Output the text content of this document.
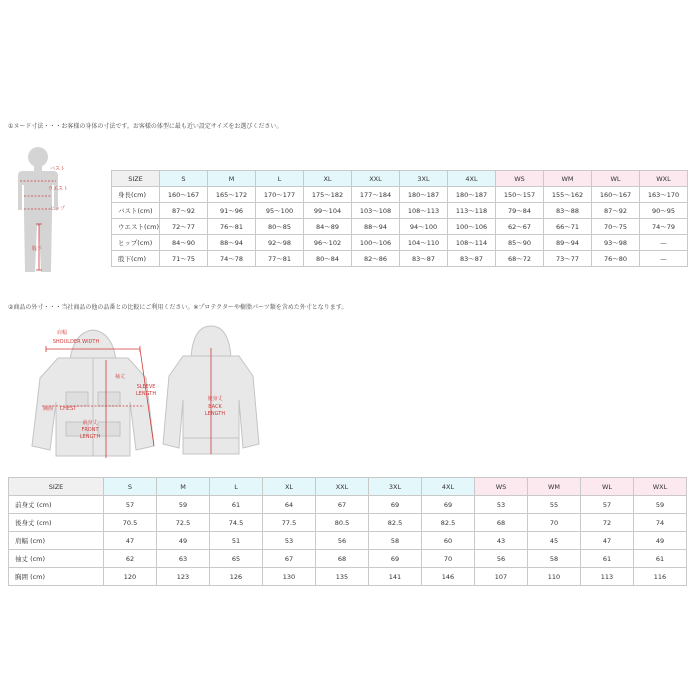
①ヌード寸法・・・お客様の身体の寸法です。お客様の体型に最も近い設定サイズをお選びください。
バスト
ウエスト
ヒップ
股下
SIZE	S	M	L	XL	XXL	3XL	4XL	WS	WM	WL	WXL
身長(cm)	160～167	165～172	170～177	175～182	177～184	180～187	180～187	150～157	155～162	160～167	163～170
バスト(cm)	87～92	91～96	95～100	99～104	103～108	108～113	113～118	79～84	83～88	87～92	90～95
ウエスト(cm)	72～77	76～81	80～85	84～89	88～94	94～100	100～106	62～67	66～71	70～75	74～79
ヒップ(cm)	84～90	88～94	92～98	96～102	100～106	104～110	108～114	85～90	89～94	93～98	—
股下(cm)	71～75	74～78	77～81	80～84	82～86	83～87	83～87	68～72	73～77	76～80	—
②商品の外寸・・・当社商品の他の品番との比較にご利用ください。※プロテクターや樹脂パーツ類を含めた外寸となります。
肩幅
SHOULDER WIDTH
袖丈
SLEEVE
LENGTH
胸囲 CHEST
前身丈
FRONT
LENGTH
後身丈
BACK
LENGTH
SIZE	S	M	L	XL	XXL	3XL	4XL	WS	WM	WL	WXL
前身丈 (cm)	57	59	61	64	67	69	69	53	55	57	59
後身丈 (cm)	70.5	72.5	74.5	77.5	80.5	82.5	82.5	68	70	72	74
肩幅 (cm)	47	49	51	53	56	58	60	43	45	47	49
袖丈 (cm)	62	63	65	67	68	69	70	56	58	61	61
胸囲 (cm)	120	123	126	130	135	141	146	107	110	113	116
